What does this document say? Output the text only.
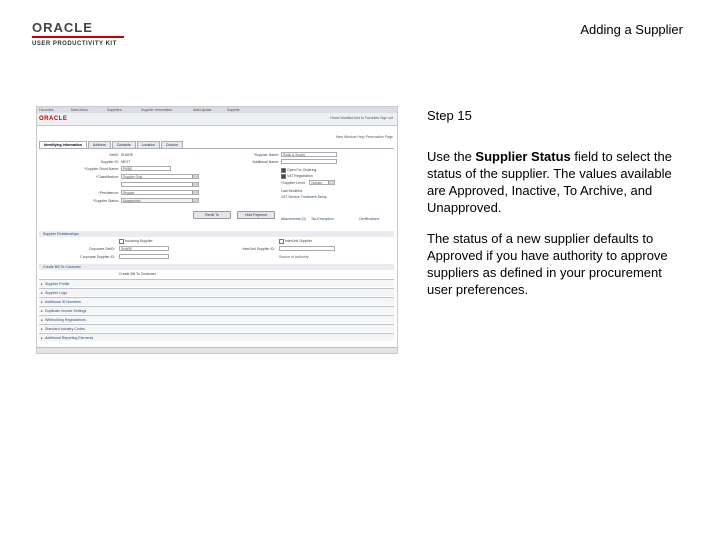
ORACLE
USER PRODUCTIVITY KIT
Adding a Supplier
Favorites	Main Menu	Suppliers	Supplier Information	Add/Update	Supplier
ORACLE	Home Worklist Add to Favorites Sign out
New Window Help Personalize Page
Identifying Information	Address	Contacts	Location	Custom
SetID: SHARE
Supplier ID: NEXT
*Supplier Short Name:	PMBE
*Classification:	Supplier Only
*Persistence:	Regular
*Supplier Status:	Unapproved
*Supplier Name:	Radio & Supply
Additional Name:
Open For Ordering
VAT Registration
*Supplier Level:	Outside
Last Modified:
VAT Service Treatment Setup
Remit To	Hold Payment
Attachments (0) Tax Exemption	Certifications
Supplier Relationships
Invoicing Supplier
Corporate SetID:	SHARE
Corporate Supplier ID:
InterUnit Supplier
InterUnit Supplier ID:
Source of Authority
Create Bill To Customer
Create Bill To Customer
▸ Supplier Profile
▸ Supplier Logo
▸ Additional ID Numbers
▸ Duplicate Invoice Settings
▸ Withholding Registrations
▸ Standard Industry Codes
▸ Additional Reporting Elements

Step 15

Use the Supplier Status field to select the status of the supplier. The values available are Approved, Inactive, To Archive, and Unapproved.

The status of a new supplier defaults to Approved if you have authority to approve suppliers as defined in your procurement user preferences.
